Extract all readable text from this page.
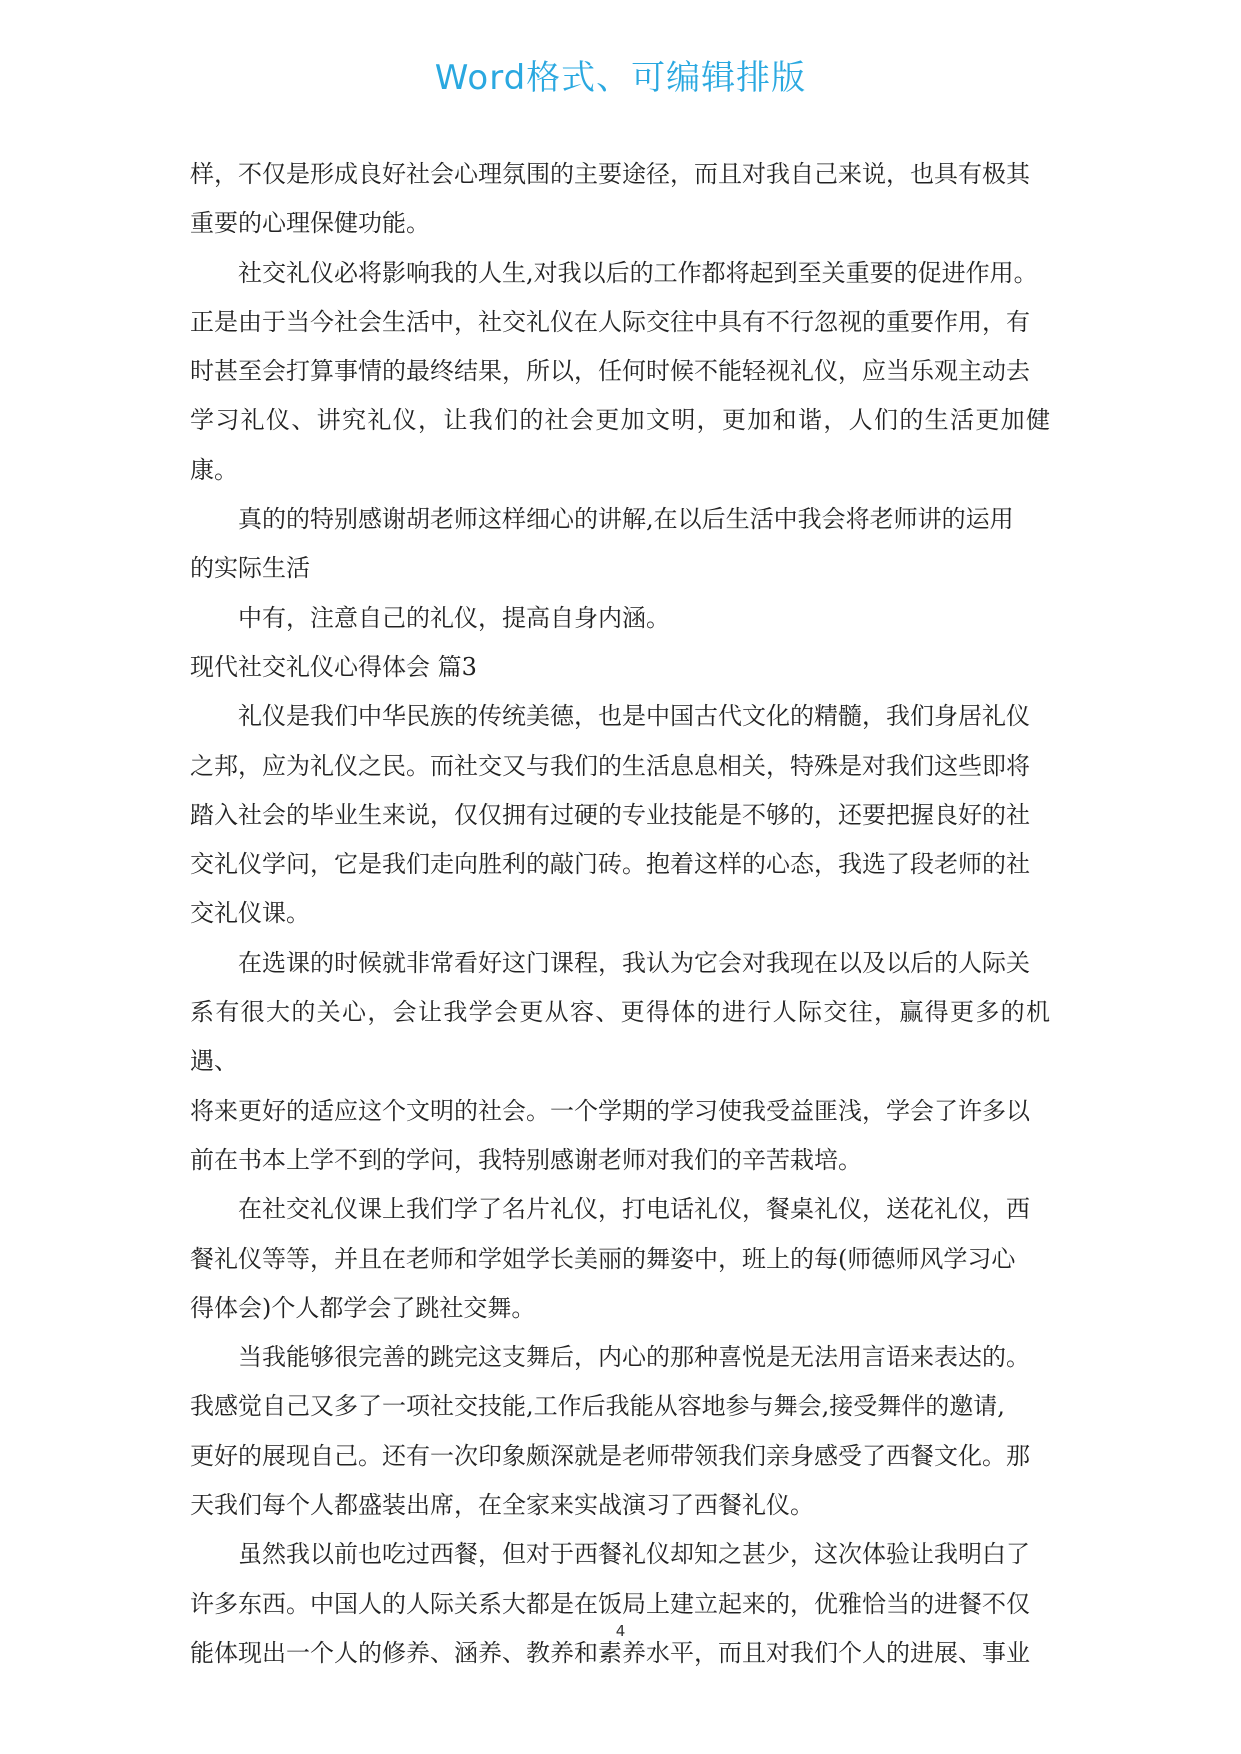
Word格式、可编辑排版
样，不仅是形成良好社会心理氛围的主要途径，而且对我自己来说，也具有极其
重要的心理保健功能。
社交礼仪必将影响我的人生,对我以后的工作都将起到至关重要的促进作用。
正是由于当今社会生活中，社交礼仪在人际交往中具有不行忽视的重要作用，有
时甚至会打算事情的最终结果，所以，任何时候不能轻视礼仪，应当乐观主动去
学习礼仪、讲究礼仪，让我们的社会更加文明，更加和谐，人们的生活更加健康。
真的的特别感谢胡老师这样细心的讲解,在以后生活中我会将老师讲的运用
的实际生活
中有，注意自己的礼仪，提高自身内涵。
现代社交礼仪心得体会 篇3
礼仪是我们中华民族的传统美德，也是中国古代文化的精髓，我们身居礼仪
之邦，应为礼仪之民。而社交又与我们的生活息息相关，特殊是对我们这些即将
踏入社会的毕业生来说，仅仅拥有过硬的专业技能是不够的，还要把握良好的社
交礼仪学问，它是我们走向胜利的敲门砖。抱着这样的心态，我选了段老师的社
交礼仪课。
在选课的时候就非常看好这门课程，我认为它会对我现在以及以后的人际关
系有很大的关心，会让我学会更从容、更得体的进行人际交往，赢得更多的机遇、
将来更好的适应这个文明的社会。一个学期的学习使我受益匪浅，学会了许多以
前在书本上学不到的学问，我特别感谢老师对我们的辛苦栽培。
在社交礼仪课上我们学了名片礼仪，打电话礼仪，餐桌礼仪，送花礼仪，西
餐礼仪等等，并且在老师和学姐学长美丽的舞姿中，班上的每(师德师风学习心
得体会)个人都学会了跳社交舞。
当我能够很完善的跳完这支舞后，内心的那种喜悦是无法用言语来表达的。
我感觉自己又多了一项社交技能,工作后我能从容地参与舞会,接受舞伴的邀请,
更好的展现自己。还有一次印象颇深就是老师带领我们亲身感受了西餐文化。那
天我们每个人都盛装出席，在全家来实战演习了西餐礼仪。
虽然我以前也吃过西餐，但对于西餐礼仪却知之甚少，这次体验让我明白了
许多东西。中国人的人际关系大都是在饭局上建立起来的，优雅恰当的进餐不仅
能体现出一个人的修养、涵养、教养和素养水平，而且对我们个人的进展、事业
4
